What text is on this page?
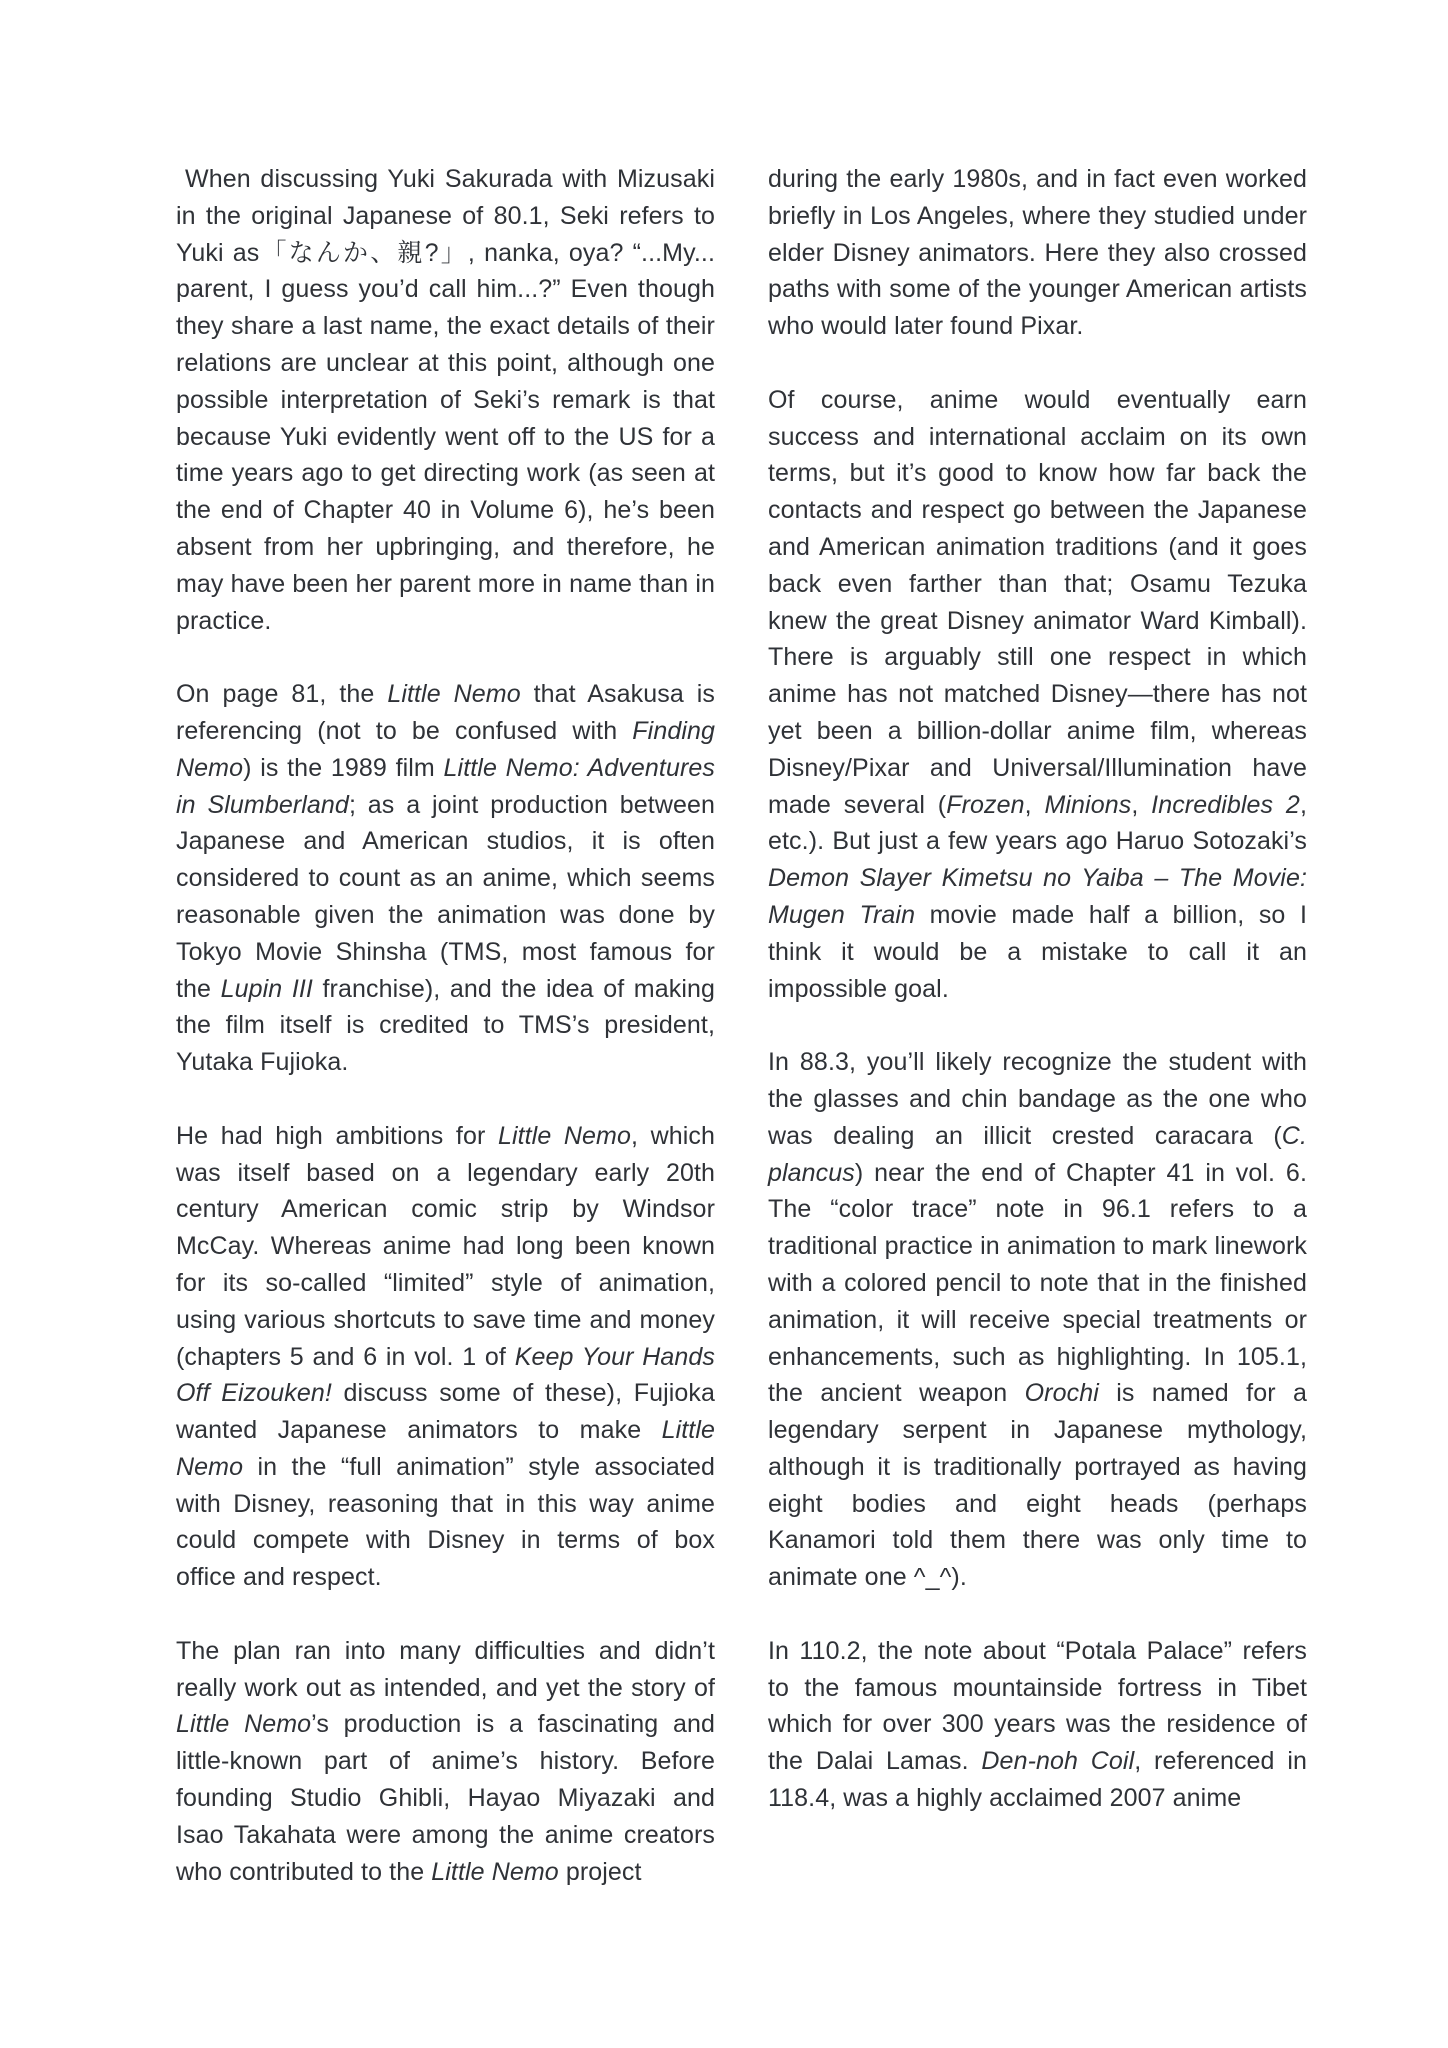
When discussing Yuki Sakurada with Mizusaki in the original Japanese of 80.1, Seki refers to Yuki as「なんか、親?」, nanka, oya? “...My... parent, I guess you’d call him...?” Even though they share a last name, the exact details of their relations are unclear at this point, although one possible interpretation of Seki’s remark is that because Yuki evidently went off to the US for a time years ago to get directing work (as seen at the end of Chapter 40 in Volume 6), he’s been absent from her upbringing, and therefore, he may have been her parent more in name than in practice.

On page 81, the Little Nemo that Asakusa is referencing (not to be confused with Finding Nemo) is the 1989 film Little Nemo: Adventures in Slumberland; as a joint production between Japanese and American studios, it is often considered to count as an anime, which seems reasonable given the animation was done by Tokyo Movie Shinsha (TMS, most famous for the Lupin III franchise), and the idea of making the film itself is credited to TMS’s president, Yutaka Fujioka.

He had high ambitions for Little Nemo, which was itself based on a legendary early 20th century American comic strip by Windsor McCay. Whereas anime had long been known for its so-called “limited” style of animation, using various shortcuts to save time and money (chapters 5 and 6 in vol. 1 of Keep Your Hands Off Eizouken! discuss some of these), Fujioka wanted Japanese animators to make Little Nemo in the “full animation” style associated with Disney, reasoning that in this way anime could compete with Disney in terms of box office and respect.

The plan ran into many difficulties and didn’t really work out as intended, and yet the story of Little Nemo’s production is a fascinating and little-known part of anime’s history. Before founding Studio Ghibli, Hayao Miyazaki and Isao Takahata were among the anime creators who contributed to the Little Nemo project

during the early 1980s, and in fact even worked briefly in Los Angeles, where they studied under elder Disney animators. Here they also crossed paths with some of the younger American artists who would later found Pixar.

Of course, anime would eventually earn success and international acclaim on its own terms, but it’s good to know how far back the contacts and respect go between the Japanese and American animation traditions (and it goes back even farther than that; Osamu Tezuka knew the great Disney animator Ward Kimball). There is arguably still one respect in which anime has not matched Disney—there has not yet been a billion-dollar anime film, whereas Disney/Pixar and Universal/Illumination have made several (Frozen, Minions, Incredibles 2, etc.). But just a few years ago Haruo Sotozaki’s Demon Slayer Kimetsu no Yaiba – The Movie: Mugen Train movie made half a billion, so I think it would be a mistake to call it an impossible goal.

In 88.3, you’ll likely recognize the student with the glasses and chin bandage as the one who was dealing an illicit crested caracara (C. plancus) near the end of Chapter 41 in vol. 6. The “color trace” note in 96.1 refers to a traditional practice in animation to mark linework with a colored pencil to note that in the finished animation, it will receive special treatments or enhancements, such as highlighting. In 105.1, the ancient weapon Orochi is named for a legendary serpent in Japanese mythology, although it is traditionally portrayed as having eight bodies and eight heads (perhaps Kanamori told them there was only time to animate one ^_^).

In 110.2, the note about “Potala Palace” refers to the famous mountainside fortress in Tibet which for over 300 years was the residence of the Dalai Lamas. Den-noh Coil, referenced in 118.4, was a highly acclaimed 2007 anime
